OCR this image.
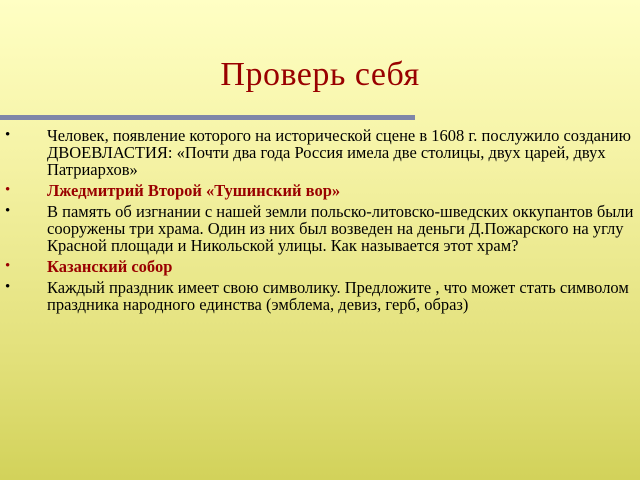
Проверь себя
• Человек, появление которого на исторической сцене в 1608 г. послужило созданию ДВОЕВЛАСТИЯ: «Почти два года Россия имела две столицы, двух царей, двух Патриархов»
• Лжедмитрий Второй «Тушинский вор»
• В память об изгнании с нашей земли польско-литовско-шведских оккупантов были сооружены три храма. Один из них был возведен на деньги Д.Пожарского на углу Красной площади и Никольской улицы. Как называется этот храм?
• Казанский собор
• Каждый праздник имеет свою символику. Предложите , что может стать символом праздника народного единства (эмблема, девиз, герб, образ)
